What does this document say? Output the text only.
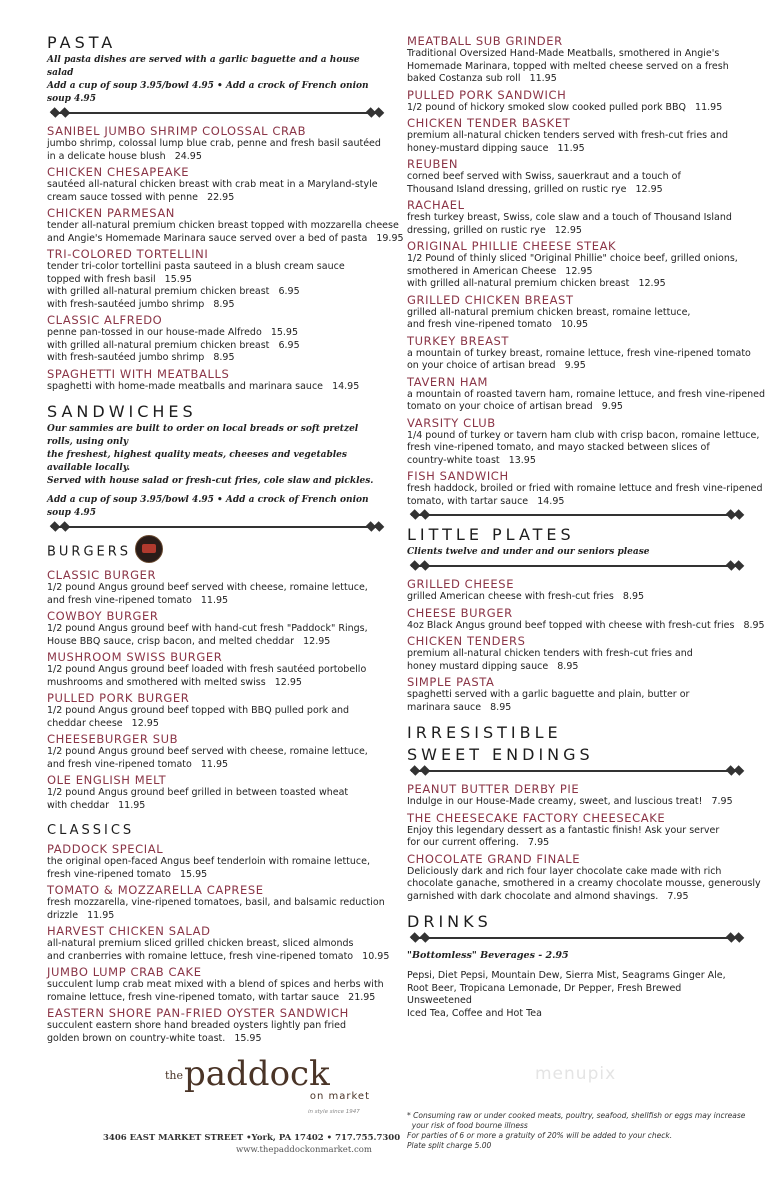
PASTA
All pasta dishes are served with a garlic baguette and a house salad
Add a cup of soup 3.95/bowl 4.95 • Add a crock of French onion soup 4.95
SANIBEL JUMBO SHRIMP COLOSSAL CRAB
jumbo shrimp, colossal lump blue crab, penne and fresh basil sautéed
in a delicate house blush   24.95
CHICKEN CHESAPEAKE
sautéed all-natural chicken breast with crab meat in a Maryland-style
cream sauce tossed with penne   22.95
CHICKEN PARMESAN
tender all-natural premium chicken breast topped with mozzarella cheese
and Angie's Homemade Marinara sauce served over a bed of pasta   19.95
TRI-COLORED TORTELLINI
tender tri-color tortellini pasta sauteed in a blush cream sauce
topped with fresh basil   15.95
with grilled all-natural premium chicken breast   6.95
with fresh-sautéed jumbo shrimp   8.95
CLASSIC ALFREDO
penne pan-tossed in our house-made Alfredo   15.95
with grilled all-natural premium chicken breast   6.95
with fresh-sautéed jumbo shrimp   8.95
SPAGHETTI WITH MEATBALLS
spaghetti with home-made meatballs and marinara sauce   14.95
SANDWICHES
Our sammies are built to order on local breads or soft pretzel rolls, using only
the freshest, highest quality meats, cheeses and vegetables available locally.
Served with house salad or fresh-cut fries, cole slaw and pickles.
Add a cup of soup 3.95/bowl 4.95 • Add a crock of French onion soup 4.95
BURGERS
CLASSIC BURGER
1/2 pound Angus ground beef served with cheese, romaine lettuce,
and fresh vine-ripened tomato   11.95
COWBOY BURGER
1/2 pound Angus ground beef with hand-cut fresh "Paddock" Rings,
House BBQ sauce, crisp bacon, and melted cheddar   12.95
MUSHROOM SWISS BURGER
1/2 pound Angus ground beef loaded with fresh sautéed portobello
mushrooms and smothered with melted swiss   12.95
PULLED PORK BURGER
1/2 pound Angus ground beef topped with BBQ pulled pork and
cheddar cheese   12.95
CHEESEBURGER SUB
1/2 pound Angus ground beef served with cheese, romaine lettuce,
and fresh vine-ripened tomato   11.95
OLE ENGLISH MELT
1/2 pound Angus ground beef grilled in between toasted wheat
with cheddar   11.95
CLASSICS
PADDOCK SPECIAL
the original open-faced Angus beef tenderloin with romaine lettuce,
fresh vine-ripened tomato   15.95
TOMATO & MOZZARELLA CAPRESE
fresh mozzarella, vine-ripened tomatoes, basil, and balsamic reduction
drizzle   11.95
HARVEST CHICKEN SALAD
all-natural premium sliced grilled chicken breast, sliced almonds
and cranberries with romaine lettuce, fresh vine-ripened tomato   10.95
JUMBO LUMP CRAB CAKE
succulent lump crab meat mixed with a blend of spices and herbs with
romaine lettuce, fresh vine-ripened tomato, with tartar sauce   21.95
EASTERN SHORE PAN-FRIED OYSTER SANDWICH
succulent eastern shore hand breaded oysters lightly pan fried
golden brown on country-white toast.   15.95
MEATBALL SUB GRINDER
Traditional Oversized Hand-Made Meatballs, smothered in Angie's
Homemade Marinara, topped with melted cheese served on a fresh
baked Costanza sub roll   11.95
PULLED PORK SANDWICH
1/2 pound of hickory smoked slow cooked pulled pork BBQ   11.95
CHICKEN TENDER BASKET
premium all-natural chicken tenders served with fresh-cut fries and
honey-mustard dipping sauce   11.95
REUBEN
corned beef served with Swiss, sauerkraut and a touch of
Thousand Island dressing, grilled on rustic rye   12.95
RACHAEL
fresh turkey breast, Swiss, cole slaw and a touch of Thousand Island
dressing, grilled on rustic rye   12.95
ORIGINAL PHILLIE CHEESE STEAK
1/2 Pound of thinly sliced "Original Phillie" choice beef, grilled onions,
smothered in American Cheese   12.95
with grilled all-natural premium chicken breast   12.95
GRILLED CHICKEN BREAST
grilled all-natural premium chicken breast, romaine lettuce,
and fresh vine-ripened tomato   10.95
TURKEY BREAST
a mountain of turkey breast, romaine lettuce, fresh vine-ripened tomato
on your choice of artisan bread   9.95
TAVERN HAM
a mountain of roasted tavern ham, romaine lettuce, and fresh vine-ripened
tomato on your choice of artisan bread   9.95
VARSITY CLUB
1/4 pound of turkey or tavern ham club with crisp bacon, romaine lettuce,
fresh vine-ripened tomato, and mayo stacked between slices of
country-white toast   13.95
FISH SANDWICH
fresh haddock, broiled or fried with romaine lettuce and fresh vine-ripened
tomato, with tartar sauce   14.95
LITTLE PLATES
Clients twelve and under and our seniors please
GRILLED CHEESE
grilled American cheese with fresh-cut fries   8.95
CHEESE BURGER
4oz Black Angus ground beef topped with cheese with fresh-cut fries   8.95
CHICKEN TENDERS
premium all-natural chicken tenders with fresh-cut fries and
honey mustard dipping sauce   8.95
SIMPLE PASTA
spaghetti served with a garlic baguette and plain, butter or
marinara sauce   8.95
IRRESISTIBLE
SWEET ENDINGS
PEANUT BUTTER DERBY PIE
Indulge in our House-Made creamy, sweet, and luscious treat!   7.95
THE CHEESECAKE FACTORY CHEESECAKE
Enjoy this legendary dessert as a fantastic finish! Ask your server
for our current offering.   7.95
CHOCOLATE GRAND FINALE
Deliciously dark and rich four layer chocolate cake made with rich
chocolate ganache, smothered in a creamy chocolate mousse, generously
garnished with dark chocolate and almond shavings.   7.95
DRINKS
"Bottomless" Beverages - 2.95
Pepsi, Diet Pepsi, Mountain Dew, Sierra Mist, Seagrams Ginger Ale,
Root Beer, Tropicana Lemonade, Dr Pepper, Fresh Brewed Unsweetened
Iced Tea, Coffee and Hot Tea
the paddock
on market
in style since 1947
3406 EAST MARKET STREET •York, PA 17402 • 717.755.7300
www.thepaddockonmarket.com
menupix
* Consuming raw or under cooked meats, poultry, seafood, shellfish or eggs may increase
your risk of food bourne illness
For parties of 6 or more a gratuity of 20% will be added to your check.
Plate split charge 5.00
